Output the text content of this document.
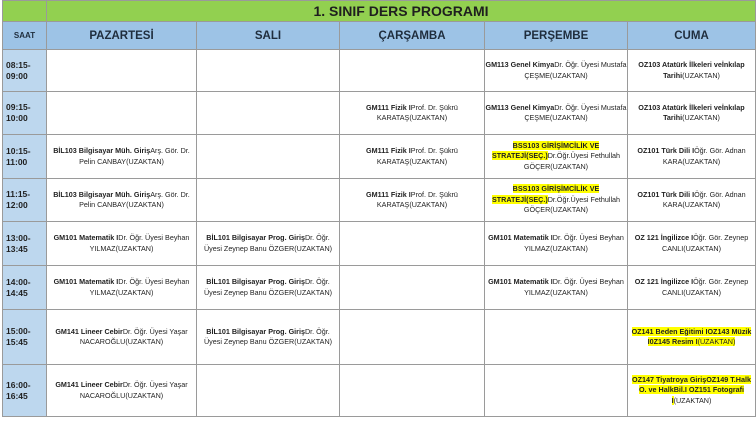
	1. SINIF DERS PROGRAMI				
SAAT	PAZARTESİ	SALI	ÇARŞAMBA	PERŞEMBE	CUMA

08:15-
09:00				GM113 Genel KimyaDr. Öğr. Üyesi Mustafa ÇEŞME(UZAKTAN)	OZ103 Atatürk İlkeleri veİnkılap Tarihi(UZAKTAN)

09:15-
10:00			GM111 Fizik IProf. Dr. Şükrü KARATAŞ(UZAKTAN)	GM113 Genel KimyaDr. Öğr. Üyesi Mustafa ÇEŞME(UZAKTAN)	OZ103 Atatürk İlkeleri veİnkılap Tarihi(UZAKTAN)

10:15-
11:00	BİL103 Bilgisayar Müh. GirişArş. Gör. Dr. Pelin CANBAY(UZAKTAN)		GM111 Fizik IProf. Dr. Şükrü KARATAŞ(UZAKTAN)	BSS103 GİRİŞİMCİLİK VE STRATEJİ(SEÇ.)Dr.Öğr.Üyesi Fethullah GÖÇER(UZAKTAN)	OZ101 Türk Dili IÖğr. Gör. Adnan KARA(UZAKTAN)

11:15-
12:00	BİL103 Bilgisayar Müh. GirişArş. Gör. Dr. Pelin CANBAY(UZAKTAN)		GM111 Fizik IProf. Dr. Şükrü KARATAŞ(UZAKTAN)	BSS103 GİRİŞİMCİLİK VE STRATEJİ(SEÇ.)Dr.Öğr.Üyesi Fethullah GÖÇER(UZAKTAN)	OZ101 Türk Dili IÖğr. Gör. Adnan KARA(UZAKTAN)

13:00-
13:45	GM101 Matematik IDr. Öğr. Üyesi Beyhan YILMAZ(UZAKTAN)	BİL101 Bilgisayar Prog. GirişDr. Öğr. Üyesi Zeynep Banu ÖZGER(UZAKTAN)		GM101 Matematik IDr. Öğr. Üyesi Beyhan YILMAZ(UZAKTAN)	OZ 121 İngilizce IÖğr. Gör. Zeynep CANLI(UZAKTAN)

14:00-
14:45	GM101 Matematik IDr. Öğr. Üyesi Beyhan YILMAZ(UZAKTAN)	BİL101 Bilgisayar Prog. GirişDr. Öğr. Üyesi Zeynep Banu ÖZGER(UZAKTAN)		GM101 Matematik IDr. Öğr. Üyesi Beyhan YILMAZ(UZAKTAN)	OZ 121 İngilizce IÖğr. Gör. Zeynep CANLI(UZAKTAN)

15:00-
15:45	GM141 Lineer CebirDr. Öğr. Üyesi Yaşar NACAROĞLU(UZAKTAN)	BİL101 Bilgisayar Prog. GirişDr. Öğr. Üyesi Zeynep Banu ÖZGER(UZAKTAN)			OZ141 Beden Eğitimi IOZ143 Müzik I0Z145 Resim I(UZAKTAN)

16:00-
16:45	GM141 Lineer CebirDr. Öğr. Üyesi Yaşar NACAROĞLU(UZAKTAN)				OZ147 Tiyatroya GirişOZ149 T.Halk O. ve HalkBil.I OZ151 Fotografi I(UZAKTAN)
